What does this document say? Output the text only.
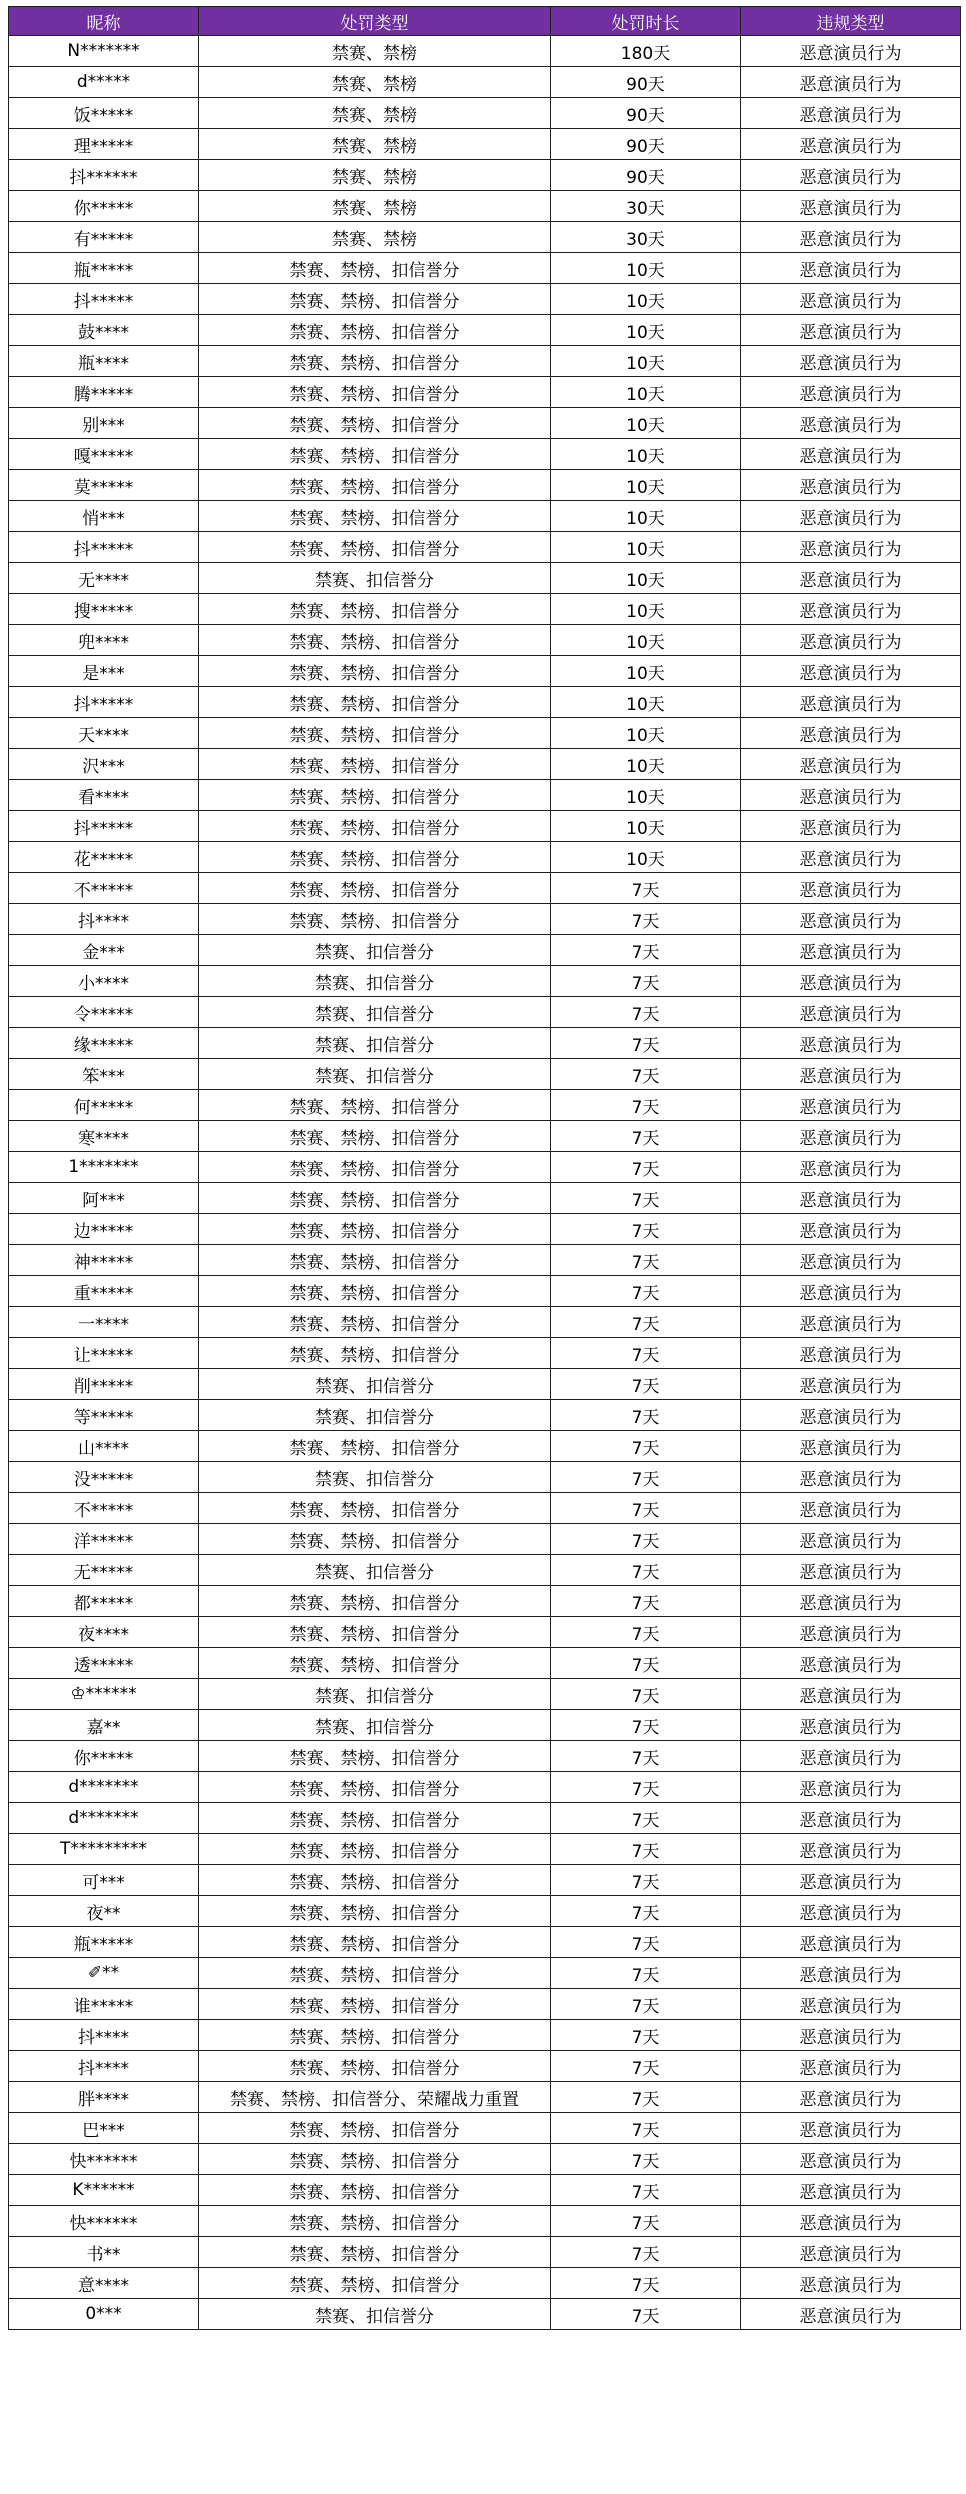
昵称	处罚类型	处罚时长	违规类型
N*******	禁赛、禁榜	180天	恶意演员行为
d*****	禁赛、禁榜	90天	恶意演员行为
饭*****	禁赛、禁榜	90天	恶意演员行为
理*****	禁赛、禁榜	90天	恶意演员行为
抖******	禁赛、禁榜	90天	恶意演员行为
你*****	禁赛、禁榜	30天	恶意演员行为
有*****	禁赛、禁榜	30天	恶意演员行为
瓶*****	禁赛、禁榜、扣信誉分	10天	恶意演员行为
抖*****	禁赛、禁榜、扣信誉分	10天	恶意演员行为
鼓****	禁赛、禁榜、扣信誉分	10天	恶意演员行为
瓶****	禁赛、禁榜、扣信誉分	10天	恶意演员行为
腾*****	禁赛、禁榜、扣信誉分	10天	恶意演员行为
别***	禁赛、禁榜、扣信誉分	10天	恶意演员行为
嘎*****	禁赛、禁榜、扣信誉分	10天	恶意演员行为
莫*****	禁赛、禁榜、扣信誉分	10天	恶意演员行为
悄***	禁赛、禁榜、扣信誉分	10天	恶意演员行为
抖*****	禁赛、禁榜、扣信誉分	10天	恶意演员行为
无****	禁赛、扣信誉分	10天	恶意演员行为
搜*****	禁赛、禁榜、扣信誉分	10天	恶意演员行为
兜****	禁赛、禁榜、扣信誉分	10天	恶意演员行为
是***	禁赛、禁榜、扣信誉分	10天	恶意演员行为
抖*****	禁赛、禁榜、扣信誉分	10天	恶意演员行为
天****	禁赛、禁榜、扣信誉分	10天	恶意演员行为
沢***	禁赛、禁榜、扣信誉分	10天	恶意演员行为
看****	禁赛、禁榜、扣信誉分	10天	恶意演员行为
抖*****	禁赛、禁榜、扣信誉分	10天	恶意演员行为
花*****	禁赛、禁榜、扣信誉分	10天	恶意演员行为
不*****	禁赛、禁榜、扣信誉分	7天	恶意演员行为
抖****	禁赛、禁榜、扣信誉分	7天	恶意演员行为
金***	禁赛、扣信誉分	7天	恶意演员行为
小****	禁赛、扣信誉分	7天	恶意演员行为
令*****	禁赛、扣信誉分	7天	恶意演员行为
缘*****	禁赛、扣信誉分	7天	恶意演员行为
笨***	禁赛、扣信誉分	7天	恶意演员行为
何*****	禁赛、禁榜、扣信誉分	7天	恶意演员行为
寒****	禁赛、禁榜、扣信誉分	7天	恶意演员行为
1*******	禁赛、禁榜、扣信誉分	7天	恶意演员行为
阿***	禁赛、禁榜、扣信誉分	7天	恶意演员行为
边*****	禁赛、禁榜、扣信誉分	7天	恶意演员行为
神*****	禁赛、禁榜、扣信誉分	7天	恶意演员行为
重*****	禁赛、禁榜、扣信誉分	7天	恶意演员行为
一****	禁赛、禁榜、扣信誉分	7天	恶意演员行为
让*****	禁赛、禁榜、扣信誉分	7天	恶意演员行为
削*****	禁赛、扣信誉分	7天	恶意演员行为
等*****	禁赛、扣信誉分	7天	恶意演员行为
山****	禁赛、禁榜、扣信誉分	7天	恶意演员行为
没*****	禁赛、扣信誉分	7天	恶意演员行为
不*****	禁赛、禁榜、扣信誉分	7天	恶意演员行为
洋*****	禁赛、禁榜、扣信誉分	7天	恶意演员行为
无*****	禁赛、扣信誉分	7天	恶意演员行为
都*****	禁赛、禁榜、扣信誉分	7天	恶意演员行为
夜****	禁赛、禁榜、扣信誉分	7天	恶意演员行为
透*****	禁赛、禁榜、扣信誉分	7天	恶意演员行为
♔******	禁赛、扣信誉分	7天	恶意演员行为
嘉**	禁赛、扣信誉分	7天	恶意演员行为
你*****	禁赛、禁榜、扣信誉分	7天	恶意演员行为
d*******	禁赛、禁榜、扣信誉分	7天	恶意演员行为
d*******	禁赛、禁榜、扣信誉分	7天	恶意演员行为
T*********	禁赛、禁榜、扣信誉分	7天	恶意演员行为
可***	禁赛、禁榜、扣信誉分	7天	恶意演员行为
夜**	禁赛、禁榜、扣信誉分	7天	恶意演员行为
瓶*****	禁赛、禁榜、扣信誉分	7天	恶意演员行为
✐**	禁赛、禁榜、扣信誉分	7天	恶意演员行为
谁*****	禁赛、禁榜、扣信誉分	7天	恶意演员行为
抖****	禁赛、禁榜、扣信誉分	7天	恶意演员行为
抖****	禁赛、禁榜、扣信誉分	7天	恶意演员行为
胖****	禁赛、禁榜、扣信誉分、荣耀战力重置	7天	恶意演员行为
巴***	禁赛、禁榜、扣信誉分	7天	恶意演员行为
快******	禁赛、禁榜、扣信誉分	7天	恶意演员行为
K******	禁赛、禁榜、扣信誉分	7天	恶意演员行为
快******	禁赛、禁榜、扣信誉分	7天	恶意演员行为
书**	禁赛、禁榜、扣信誉分	7天	恶意演员行为
意****	禁赛、禁榜、扣信誉分	7天	恶意演员行为
0***	禁赛、扣信誉分	7天	恶意演员行为
